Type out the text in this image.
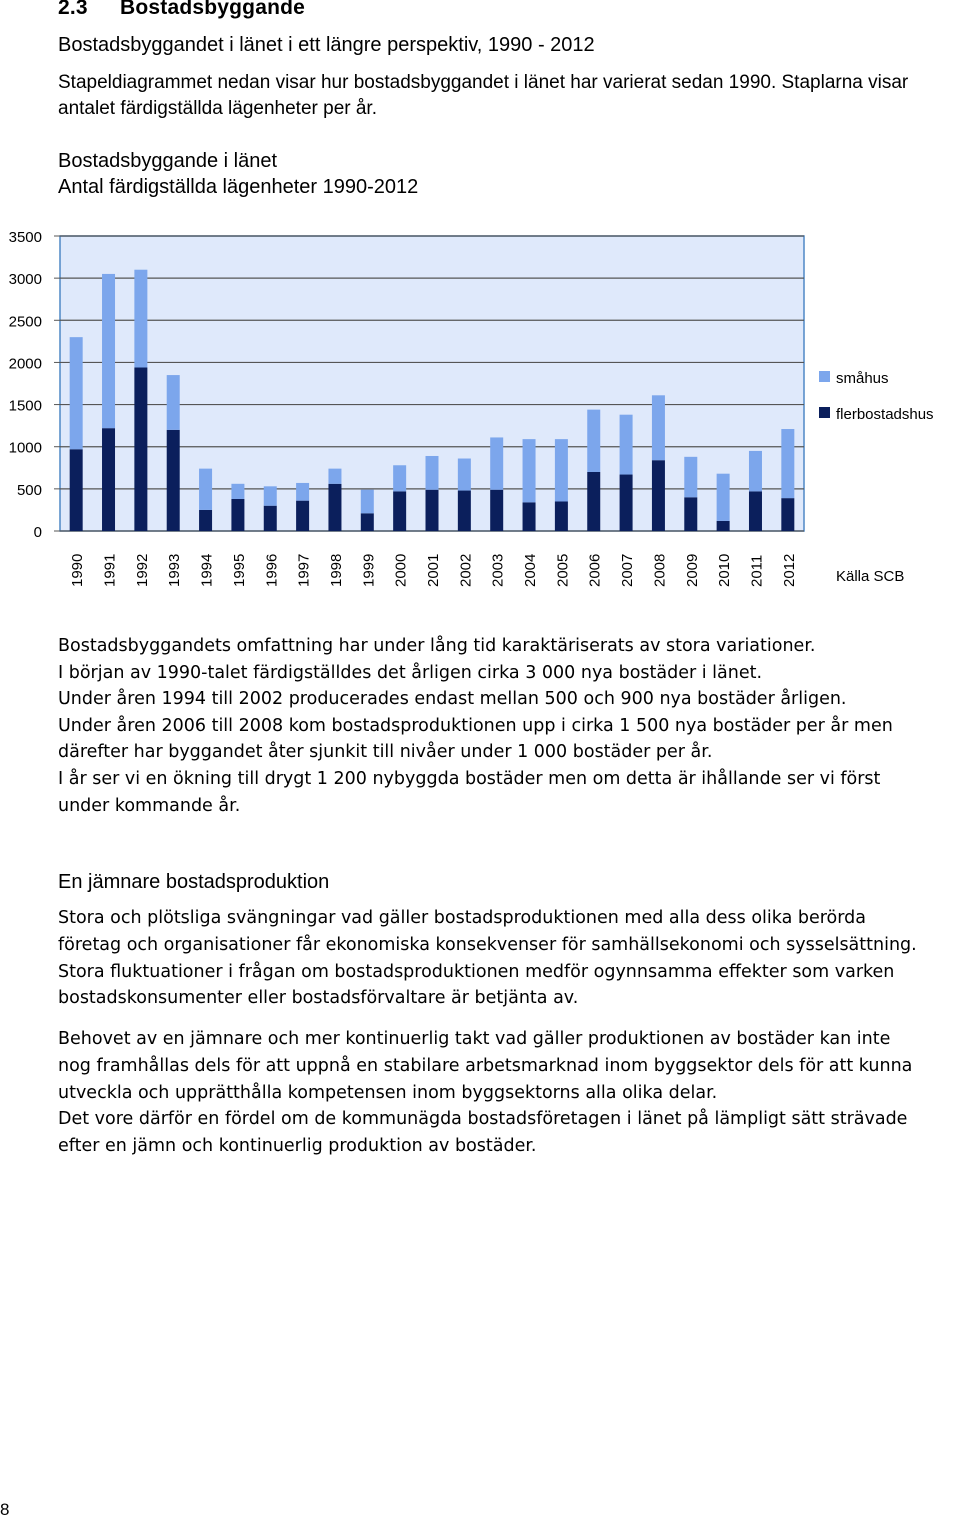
2.3 Bostadsbyggande
Bostadsbyggandet i länet i ett längre perspektiv, 1990 - 2012
Stapeldiagrammet nedan visar hur bostadsbyggandet i länet har varierat sedan 1990. Staplarna visar antalet färdigställda lägenheter per år.
Bostadsbyggande i länet
Antal färdigställda lägenheter 1990-2012
0
500
1000
1500
2000
2500
3000
3500
1990 1991 1992 1993 1994 1995 1996 1997 1998 1999 2000 2001 2002 2003 2004 2005 2006 2007 2008 2009 2010 2011 2012
småhus
flerbostadshus
Källa SCB

Bostadsbyggandets omfattning har under lång tid karaktäriserats av stora variationer.

I början av 1990-talet färdigställdes det årligen cirka 3 000 nya bostäder i länet.

Under åren 1994 till 2002 producerades endast mellan 500 och 900 nya bostäder årligen.

Under åren 2006 till 2008 kom bostadsproduktionen upp i cirka 1 500 nya bostäder per år men därefter har byggandet åter sjunkit till nivåer under 1 000 bostäder per år.

I år ser vi en ökning till drygt 1 200 nybyggda bostäder men om detta är ihållande ser vi först under kommande år.

En jämnare bostadsproduktion

Stora och plötsliga svängningar vad gäller bostadsproduktionen med alla dess olika berörda företag och organisationer får ekonomiska konsekvenser för samhällsekonomi och sysselsättning. Stora fluktuationer i frågan om bostadsproduktionen medför ogynnsamma effekter som varken bostadskonsumenter eller bostadsförvaltare är betjänta av.

Behovet av en jämnare och mer kontinuerlig takt vad gäller produktionen av bostäder kan inte nog framhållas dels för att uppnå en stabilare arbetsmarknad inom byggsektor dels för att kunna utveckla och upprätthålla kompetensen inom byggsektorns alla olika delar.

Det vore därför en fördel om de kommunägda bostadsföretagen i länet på lämpligt sätt strävade efter en jämn och kontinuerlig produktion av bostäder.

8
